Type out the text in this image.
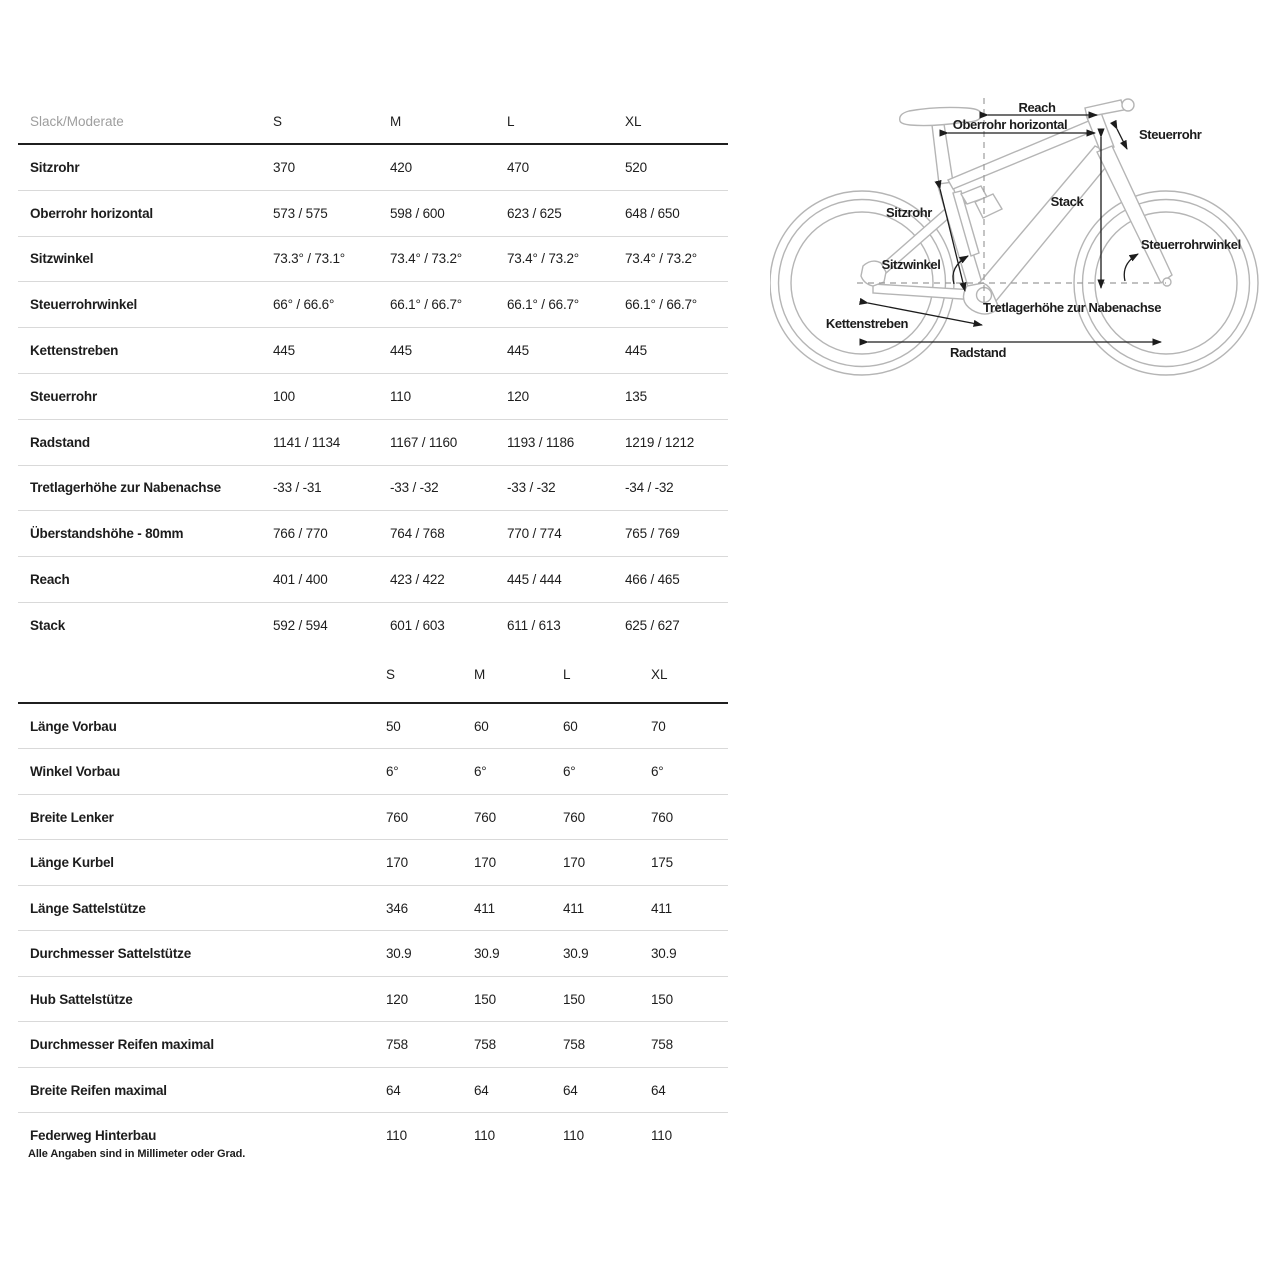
Slack/Moderate	S	M	L	XL
Sitzrohr	370	420	470	520
Oberrohr horizontal	573 / 575	598 / 600	623 / 625	648 / 650
Sitzwinkel	73.3° / 73.1°	73.4° / 73.2°	73.4° / 73.2°	73.4° / 73.2°
Steuerrohrwinkel	66° / 66.6°	66.1° / 66.7°	66.1° / 66.7°	66.1° / 66.7°
Kettenstreben	445	445	445	445
Steuerrohr	100	110	120	135
Radstand	1141 / 1134	1167 / 1160	1193 / 1186	1219 / 1212
Tretlagerhöhe zur Nabenachse	-33 / -31	-33 / -32	-33 / -32	-34 / -32
Überstandshöhe - 80mm	766 / 770	764 / 768	770 / 774	765 / 769
Reach	401 / 400	423 / 422	445 / 444	466 / 465
Stack	592 / 594	601 / 603	611 / 613	625 / 627
S	M	L	XL
Länge Vorbau	50	60	60	70
Winkel Vorbau	6°	6°	6°	6°
Breite Lenker	760	760	760	760
Länge Kurbel	170	170	170	175
Länge Sattelstütze	346	411	411	411
Durchmesser Sattelstütze	30.9	30.9	30.9	30.9
Hub Sattelstütze	120	150	150	150
Durchmesser Reifen maximal	758	758	758	758
Breite Reifen maximal	64	64	64	64
Federweg Hinterbau	110	110	110	110
Alle Angaben sind in Millimeter oder Grad.
Reach
Oberrohr horizontal
Steuerrohr
Sitzrohr
Stack
Steuerrohrwinkel
Sitzwinkel
Tretlagerhöhe zur Nabenachse
Kettenstreben
Radstand
